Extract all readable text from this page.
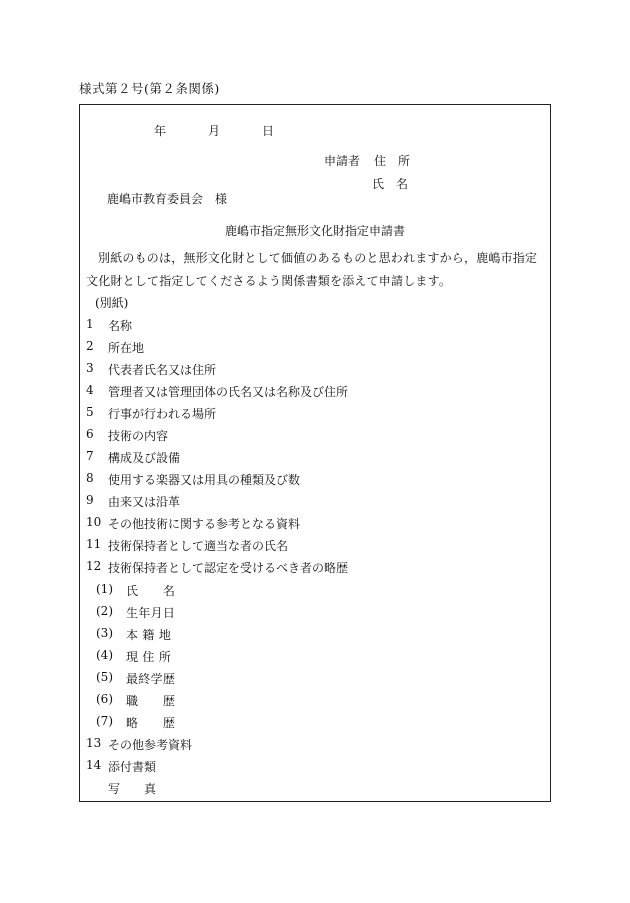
様式第２号(第２条関係)
年	月	日
申請者 住　所
氏　名
鹿嶋市教育委員会　様
鹿嶋市指定無形文化財指定申請書
別紙のものは，無形文化財として価値のあるものと思われますから，鹿嶋市指定文化財として指定してくださるよう関係書類を添えて申請します。
(別紙)
1 名称
2 所在地
3 代表者氏名又は住所
4 管理者又は管理団体の氏名又は名称及び住所
5 行事が行われる場所
6 技術の内容
7 構成及び設備
8 使用する楽器又は用具の種類及び数
9 由来又は沿革
10 その他技術に関する参考となる資料
11 技術保持者として適当な者の氏名
12 技術保持者として認定を受けるべき者の略歴
(1) 氏　　名
(2) 生年月日
(3) 本 籍 地
(4) 現 住 所
(5) 最終学歴
(6) 職　　歴
(7) 略　　歴
13 その他参考資料
14 添付書類
写　　真
